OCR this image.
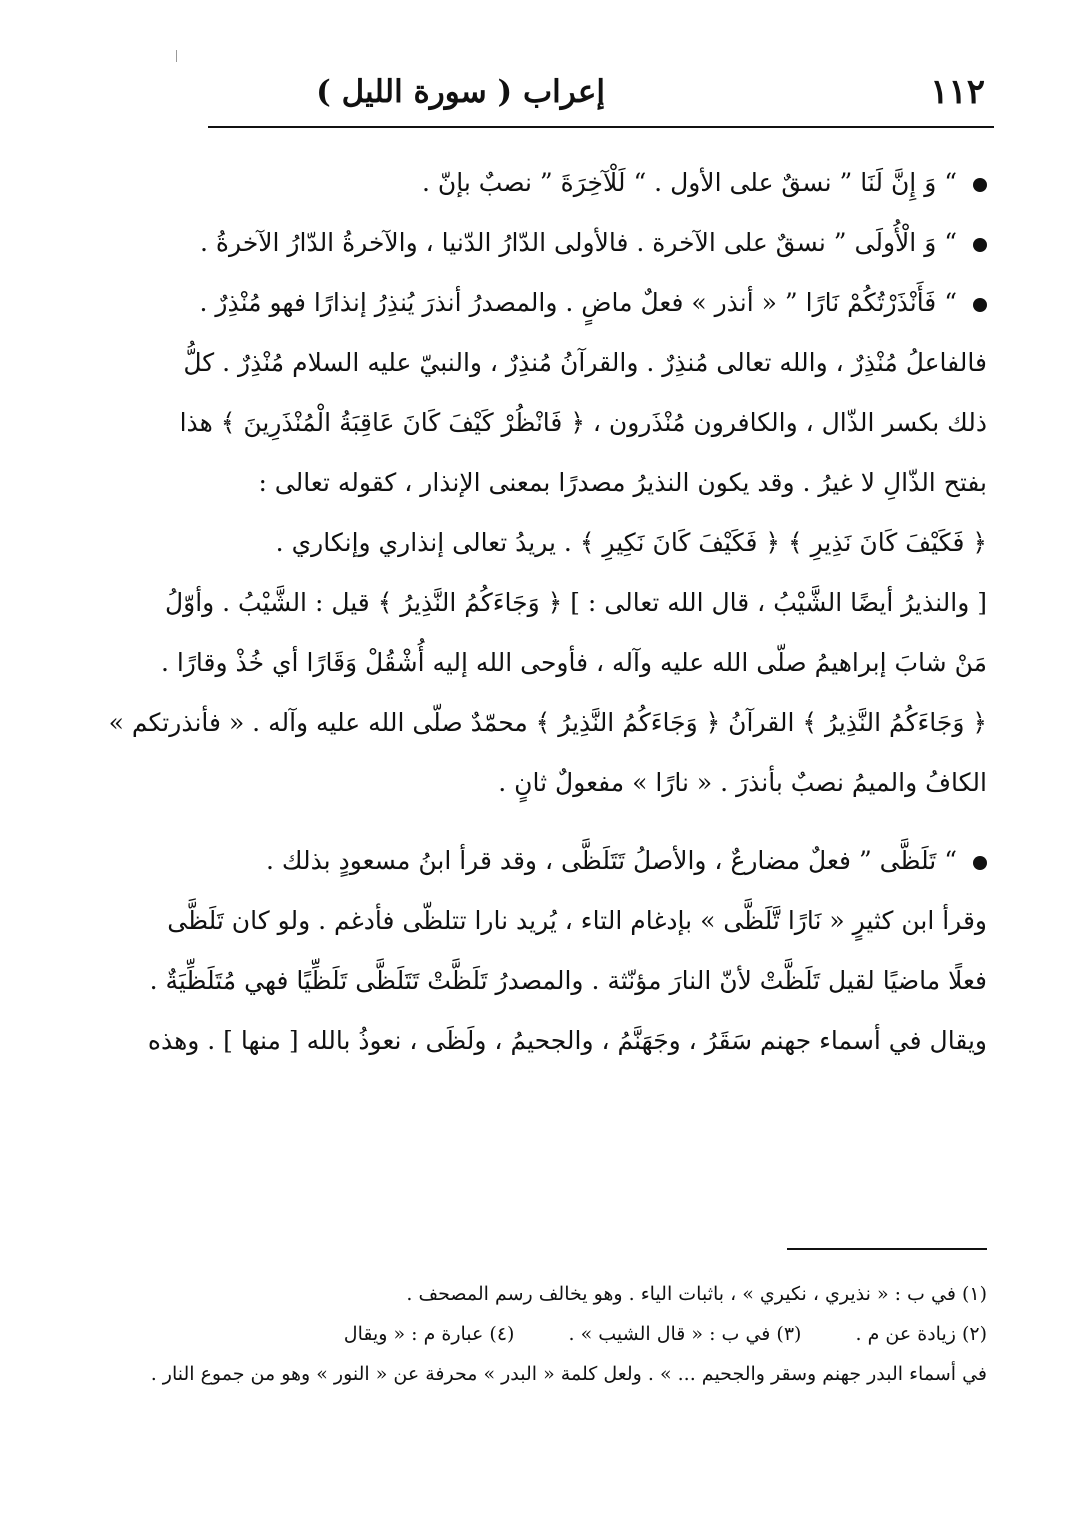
١١٢
إعراب ( سورة الليل )
“ وَ إِنَّ لَنَا ” نسقٌ على الأول . “ لَلْآخِرَةَ ” نصبٌ بإنّ .
“ وَ الْأُولَى ” نسقٌ على الآخرة . فالأولى الدّارُ الدّنيا ، والآخرةُ الدّارُ الآخرةُ .
“ فَأَنْذَرْتُكُمْ نَارًا ” « أنذر » فعلٌ ماضٍ . والمصدرُ أنذرَ يُنذِرُ إنذارًا فهو مُنْذِرٌ .
فالفاعلُ مُنْذِرٌ ، والله تعالى مُنذِرٌ . والقرآنُ مُنذِرٌ ، والنبيّ عليه السلام مُنْذِرٌ . كلُّ
ذلك بكسر الذّال ، والكافرون مُنْذَرون ، ﴿ فَانْظُرْ كَيْفَ كَانَ عَاقِبَةُ الْمُنْذَرِينَ ﴾ هذا
بفتح الذّالِ لا غيرُ . وقد يكون النذيرُ مصدرًا بمعنى الإنذار ، كقوله تعالى :
﴿ فَكَيْفَ كَانَ نَذِيرِ ﴾ ﴿ فَكَيْفَ كَانَ نَكِيرِ ﴾ . يريدُ تعالى إنذاري وإنكاري .
[ والنذيرُ أيضًا الشَّيْبُ ، قال الله تعالى : ] ﴿ وَجَاءَكُمُ النَّذِيرُ ﴾ قيل : الشَّيْبُ . وأوّلُ
مَنْ شابَ إبراهيمُ صلّى الله عليه وآله ، فأوحى الله إليه أُشْقُلْ وَقَارًا أي خُذْ وقارًا .
﴿ وَجَاءَكُمُ النَّذِيرُ ﴾ القرآنُ ﴿ وَجَاءَكُمُ النَّذِيرُ ﴾ محمّدٌ صلّى الله عليه وآله . « فأنذرتكم »
الكافُ والميمُ نصبٌ بأنذرَ . « نارًا » مفعولٌ ثانٍ .
“ تَلَظَّى ” فعلٌ مضارعٌ ، والأصلُ تَتَلَظَّى ، وقد قرأ ابنُ مسعودٍ بذلك .
وقرأ ابن كثيرٍ « نَارًا تَّلَظَّى » بإدغام التاء ، يُريد نارا تتلظّى فأدغم . ولو كان تَلَظَّى
فعلًا ماضيًا لقيل تَلَظَّتْ لأنّ النارَ مؤنّثة . والمصدرُ تَلَظَّتْ تَتَلَظَّى تَلَظِّيًا فهي مُتَلَظِّيَةٌ .
ويقال في أسماء جهنم سَقَرُ ، وجَهَنَّمُ ، والجحيمُ ، ولَظَى ، نعوذُ بالله [ منها ] . وهذه
(١) في ب : « نذيري ، نكيري » ، باثبات الياء . وهو يخالف رسم المصحف .
(٢) زيادة عن م . (٣) في ب : « قال الشيب » . (٤) عبارة م : « ويقال
في أسماء البدر جهنم وسقر والجحيم ... » . ولعل كلمة « البدر » محرفة عن « النور » وهو من جموع النار .
